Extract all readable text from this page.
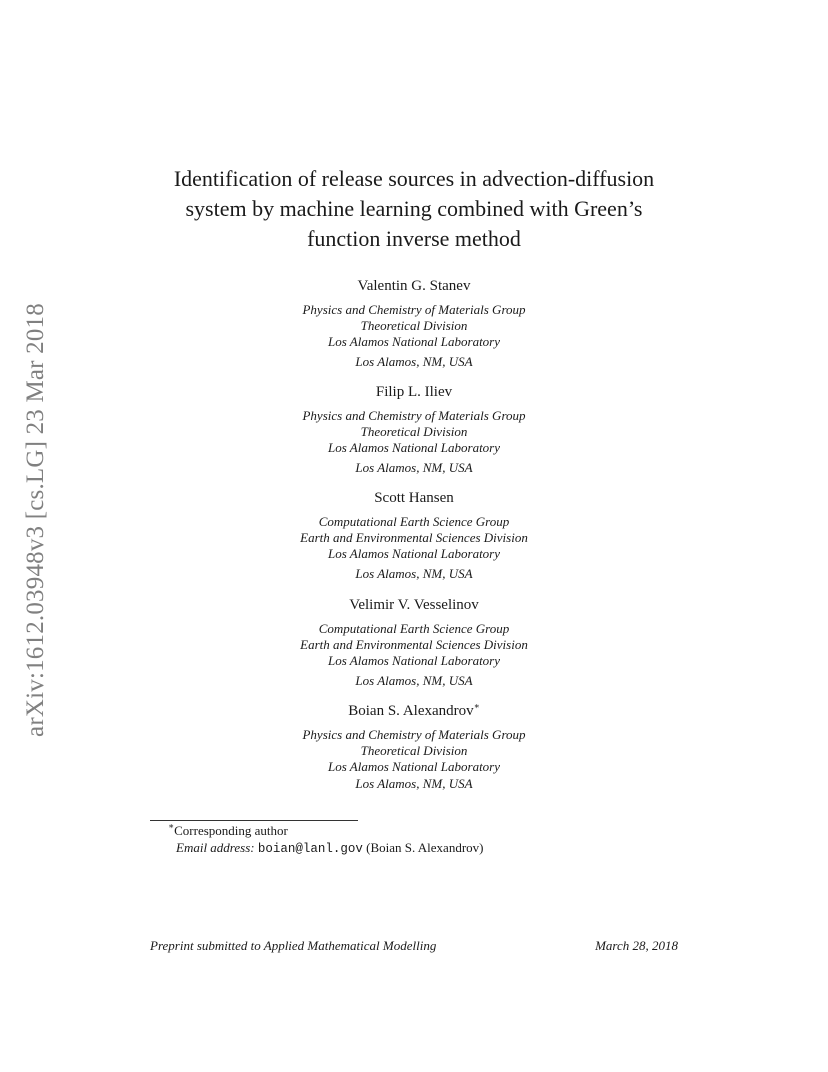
arXiv:1612.03948v3 [cs.LG] 23 Mar 2018
Identification of release sources in advection-diffusion
system by machine learning combined with Green’s
function inverse method
Valentin G. Stanev
Physics and Chemistry of Materials Group
Theoretical Division
Los Alamos National Laboratory
Los Alamos, NM, USA
Filip L. Iliev
Physics and Chemistry of Materials Group
Theoretical Division
Los Alamos National Laboratory
Los Alamos, NM, USA
Scott Hansen
Computational Earth Science Group
Earth and Environmental Sciences Division
Los Alamos National Laboratory
Los Alamos, NM, USA
Velimir V. Vesselinov
Computational Earth Science Group
Earth and Environmental Sciences Division
Los Alamos National Laboratory
Los Alamos, NM, USA
Boian S. Alexandrov∗
Physics and Chemistry of Materials Group
Theoretical Division
Los Alamos National Laboratory
Los Alamos, NM, USA
∗Corresponding author
Email address: boian@lanl.gov (Boian S. Alexandrov)
Preprint submitted to Applied Mathematical Modelling	March 28, 2018
